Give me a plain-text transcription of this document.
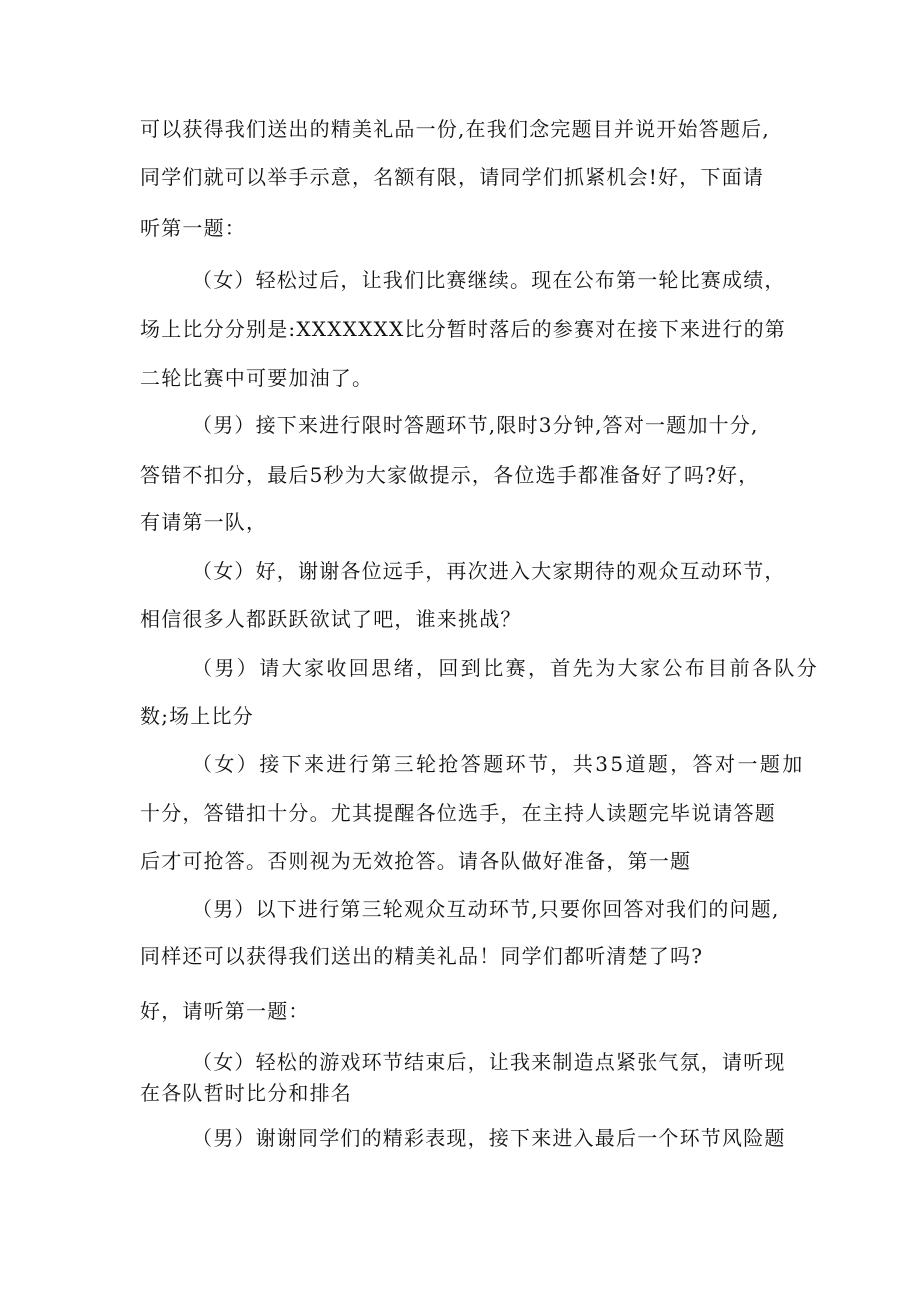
可以获得我们送出的精美礼品一份,在我们念完题目并说开始答题后,
同学们就可以举手示意，名额有限，请同学们抓紧机会!好，下面请
听第一题：
（女）轻松过后，让我们比赛继续。现在公布第一轮比赛成绩，
场上比分分别是:XXXXXXX比分暂时落后的参赛对在接下来进行的第
二轮比赛中可要加油了。
（男）接下来进行限时答题环节,限时3分钟,答对一题加十分,
答错不扣分，最后5秒为大家做提示，各位选手都准备好了吗?好，
有请第一队，
（女）好，谢谢各位远手，再次进入大家期待的观众互动环节，
相信很多人都跃跃欲试了吧，谁来挑战？
（男）请大家收回思绪，回到比赛，首先为大家公布目前各队分
数;场上比分
（女）接下来进行第三轮抢答题环节，共35道题，答对一题加
十分，答错扣十分。尤其提醒各位选手，在主持人读题完毕说请答题
后才可抢答。否则视为无效抢答。请各队做好准备，第一题
（男）以下进行第三轮观众互动环节,只要你回答对我们的问题,
同样还可以获得我们送出的精美礼品！同学们都听清楚了吗?
好，请听第一题：
（女）轻松的游戏环节结束后，让我来制造点紧张气氛，请听现
在各队哲时比分和排名
（男）谢谢同学们的精彩表现，接下来进入最后一个环节风险题
